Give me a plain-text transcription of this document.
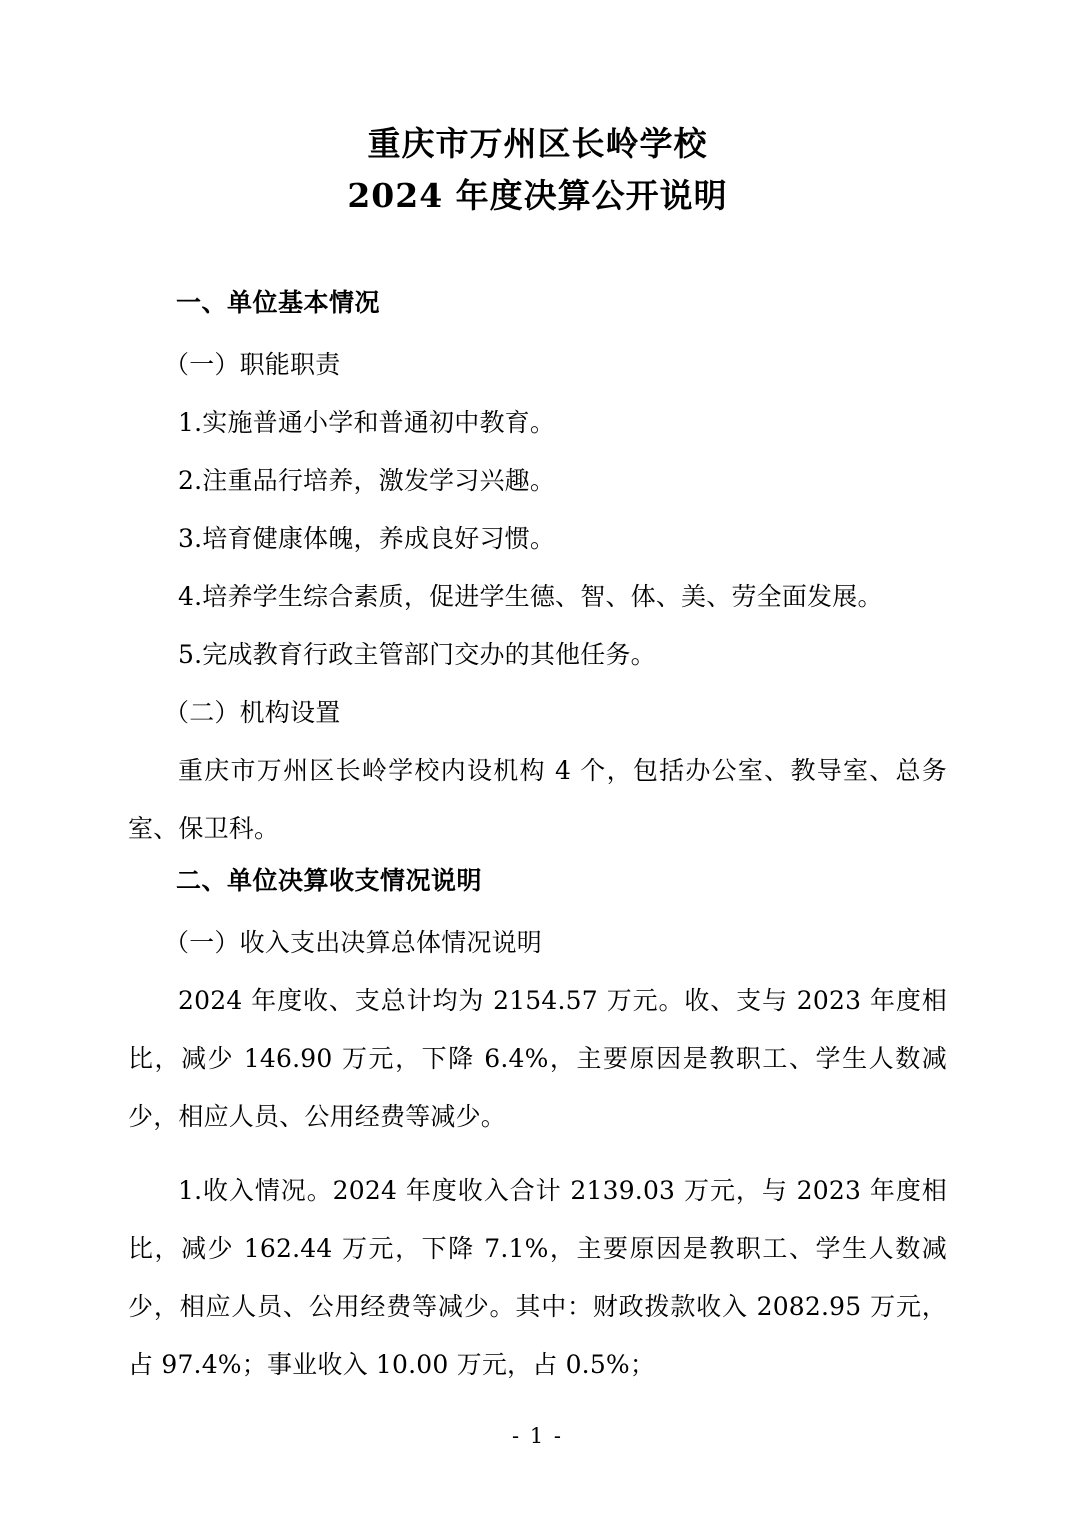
重庆市万州区长岭学校
2024 年度决算公开说明
一、单位基本情况

（一）职能职责

1.实施普通小学和普通初中教育。

2.注重品行培养，激发学习兴趣。

3.培育健康体魄，养成良好习惯。

4.培养学生综合素质，促进学生德、智、体、美、劳全面发展。

5.完成教育行政主管部门交办的其他任务。

（二）机构设置

重庆市万州区长岭学校内设机构 4 个，包括办公室、教导室、总务室、保卫科。

二、单位决算收支情况说明

（一）收入支出决算总体情况说明

2024 年度收、支总计均为 2154.57 万元。收、支与 2023 年度相比，减少 146.90 万元，下降 6.4%，主要原因是教职工、学生人数减少，相应人员、公用经费等减少。

1.收入情况。2024 年度收入合计 2139.03 万元，与 2023 年度相比，减少 162.44 万元，下降 7.1%，主要原因是教职工、学生人数减少，相应人员、公用经费等减少。其中：财政拨款收入 2082.95 万元，占 97.4%；事业收入 10.00 万元，占 0.5%；

- 1 -
